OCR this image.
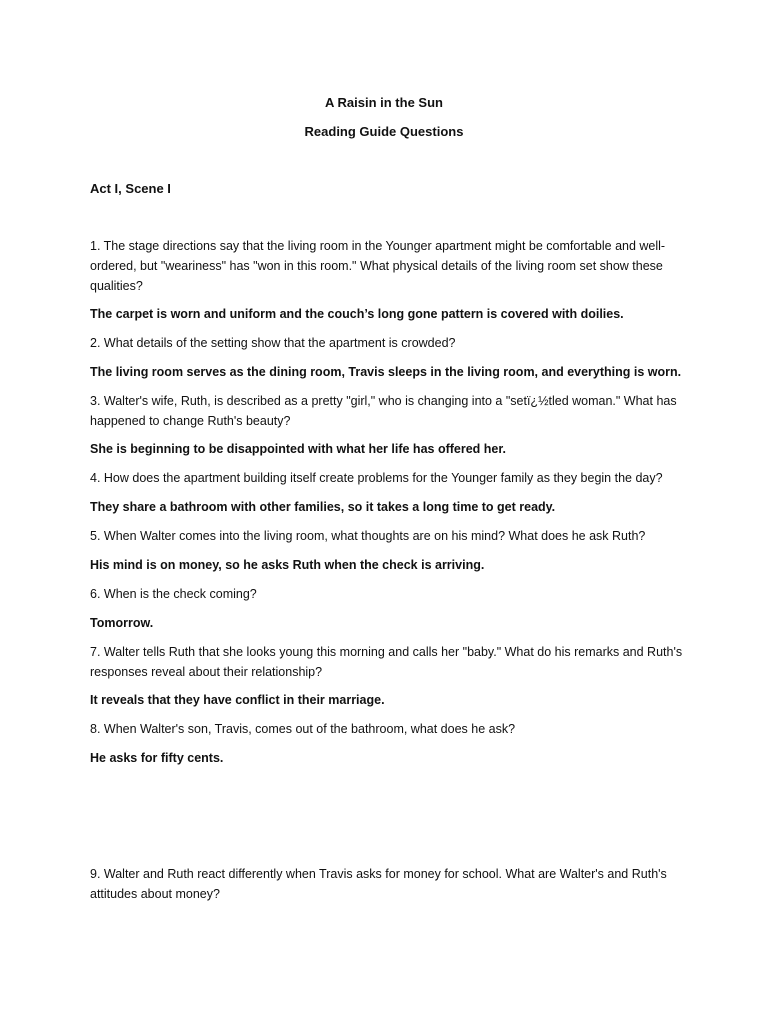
A Raisin in the Sun
Reading Guide Questions
Act I, Scene I

1. The stage directions say that the living room in the Younger apartment might be comfortable and well-ordered, but "weariness" has "won in this room." What physical details of the living room set show these qualities?

The carpet is worn and uniform and the couch’s long gone pattern is covered with doilies.

2. What details of the setting show that the apartment is crowded?

The living room serves as the dining room, Travis sleeps in the living room, and everything is worn.

3. Walter's wife, Ruth, is described as a pretty "girl," who is changing into a "setï¿½tled woman." What has happened to change Ruth's beauty?

She is beginning to be disappointed with what her life has offered her.

4. How does the apartment building itself create problems for the Younger family as they begin the day?

They share a bathroom with other families, so it takes a long time to get ready.

5. When Walter comes into the living room, what thoughts are on his mind? What does he ask Ruth?

His mind is on money, so he asks Ruth when the check is arriving.

6. When is the check coming?

Tomorrow.

7. Walter tells Ruth that she looks young this morning and calls her "baby." What do his remarks and Ruth's responses reveal about their relationship?

It reveals that they have conflict in their marriage.

8. When Walter's son, Travis, comes out of the bathroom, what does he ask?

He asks for fifty cents.

9. Walter and Ruth react differently when Travis asks for money for school. What are Walter's and Ruth's attitudes about money?
